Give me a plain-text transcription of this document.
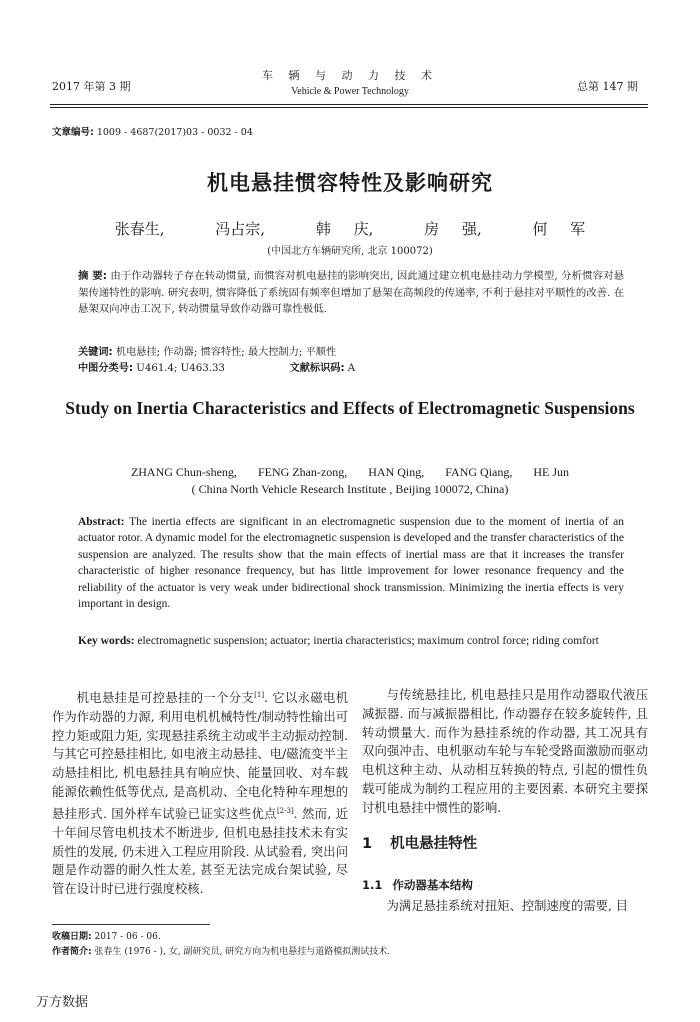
2017 年第 3 期
车 辆 与 动 力 技 术
Vehicle & Power Technology	总第 147 期
文章编号: 1009 - 4687(2017)03 - 0032 - 04
机电悬挂惯容特性及影响研究
张春生,	冯占宗,	韩 庆,	房 强,	何 军
(中国北方车辆研究所, 北京 100072)
摘 要: 由于作动器转子存在转动惯量, 而惯容对机电悬挂的影响突出, 因此通过建立机电悬挂动力学模型, 分析惯容对悬架传递特性的影响. 研究表明, 惯容降低了系统固有频率但增加了悬架在高频段的传递率, 不利于悬挂对平顺性的改善. 在悬架双向冲击工况下, 转动惯量导致作动器可靠性极低.
关键词: 机电悬挂; 作动器; 惯容特性; 最大控制力; 平顺性
中图分类号: U461.4; U463.33	文献标识码: A
Study on Inertia Characteristics and Effects of Electromagnetic Suspensions
ZHANG Chun-sheng, FENG Zhan-zong, HAN Qing, FANG Qiang, HE Jun
( China North Vehicle Research Institute , Beijing 100072, China)
Abstract: The inertia effects are significant in an electromagnetic suspension due to the moment of inertia of an actuator rotor. A dynamic model for the electromagnetic suspension is developed and the transfer characteristics of the suspension are analyzed. The results show that the main effects of inertial mass are that it increases the transfer characteristic of higher resonance frequency, but has little improvement for lower resonance frequency and the reliability of the actuator is very weak under bidirectional shock transmission. Minimizing the inertia effects is very important in design.
Key words: electromagnetic suspension; actuator; inertia characteristics; maximum control force; riding comfort

机电悬挂是可控悬挂的一个分支[1]. 它以永磁电机作为作动器的力源, 利用电机机械特性/制动特性输出可控力矩或阻力矩, 实现悬挂系统主动或半主动振动控制. 与其它可控悬挂相比, 如电液主动悬挂、电/磁流变半主动悬挂相比, 机电悬挂具有响应快、能量回收、对车载能源依赖性低等优点, 是高机动、全电化特种车理想的悬挂形式. 国外样车试验已证实这些优点[2-3]. 然而, 近十年间尽管电机技术不断进步, 但机电悬挂技术未有实质性的发展, 仍未进入工程应用阶段. 从试验看, 突出问题是作动器的耐久性太差, 甚至无法完成台架试验, 尽管在设计时已进行强度校核.

与传统悬挂比, 机电悬挂只是用作动器取代液压减振器. 而与减振器相比, 作动器存在较多旋转件, 且转动惯量大. 而作为悬挂系统的作动器, 其工况具有双向强冲击、电机驱动车轮与车轮受路面激励而驱动电机这种主动、从动相互转换的特点, 引起的惯性负载可能成为制约工程应用的主要因素. 本研究主要探讨机电悬挂中惯性的影响.

1 机电悬挂特性
1.1 作动器基本结构
为满足悬挂系统对扭矩、控制速度的需要, 目
收稿日期: 2017 - 06 - 06.
作者简介: 张春生 (1976 - ), 女, 副研究员, 研究方向为机电悬挂与道路模拟测试技术.
万方数据
